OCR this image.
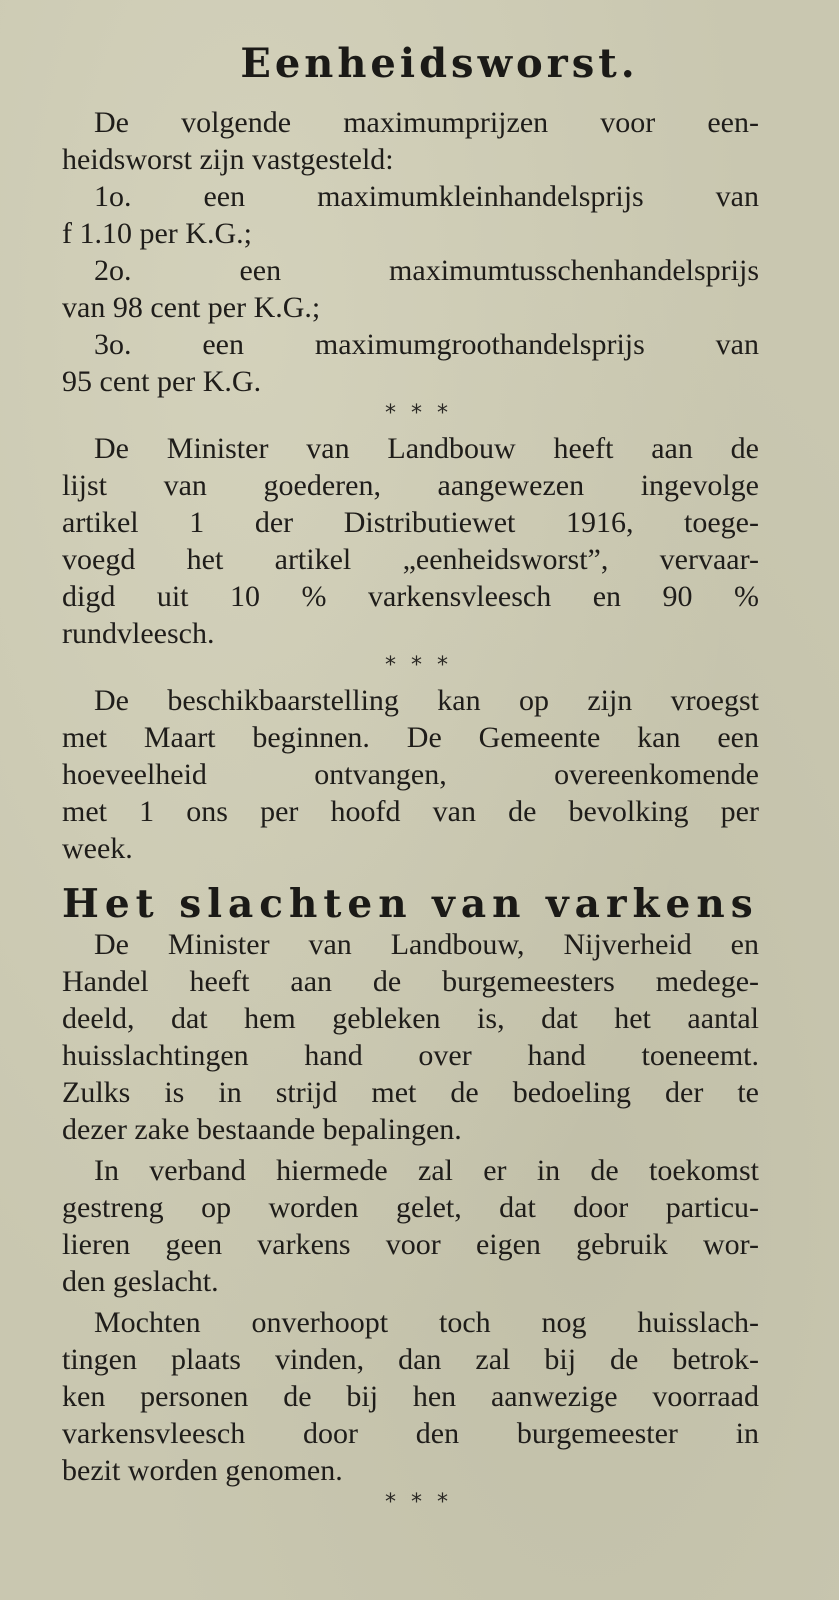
Eenheidsworst.
De volgende maximumprijzen voor een-
heidsworst zijn vastgesteld:
1o. een maximumkleinhandelsprijs van
f 1.10 per K.G.;
2o. een maximumtusschenhandelsprijs
van 98 cent per K.G.;
3o. een maximumgroothandelsprijs van
95 cent per K.G.
* * *
De Minister van Landbouw heeft aan de
lijst van goederen, aangewezen ingevolge
artikel 1 der Distributiewet 1916, toege-
voegd het artikel „eenheidsworst”, vervaar-
digd uit 10 % varkensvleesch en 90 %
rundvleesch.
* * *
De beschikbaarstelling kan op zijn vroegst
met Maart beginnen. De Gemeente kan een
hoeveelheid ontvangen, overeenkomende
met 1 ons per hoofd van de bevolking per
week.
Het slachten van varkens
De Minister van Landbouw, Nijverheid en
Handel heeft aan de burgemeesters medege-
deeld, dat hem gebleken is, dat het aantal
huisslachtingen hand over hand toeneemt.
Zulks is in strijd met de bedoeling der te
dezer zake bestaande bepalingen.
In verband hiermede zal er in de toekomst
gestreng op worden gelet, dat door particu-
lieren geen varkens voor eigen gebruik wor-
den geslacht.
Mochten onverhoopt toch nog huisslach-
tingen plaats vinden, dan zal bij de betrok-
ken personen de bij hen aanwezige voorraad
varkensvleesch door den burgemeester in
bezit worden genomen.
* * *
